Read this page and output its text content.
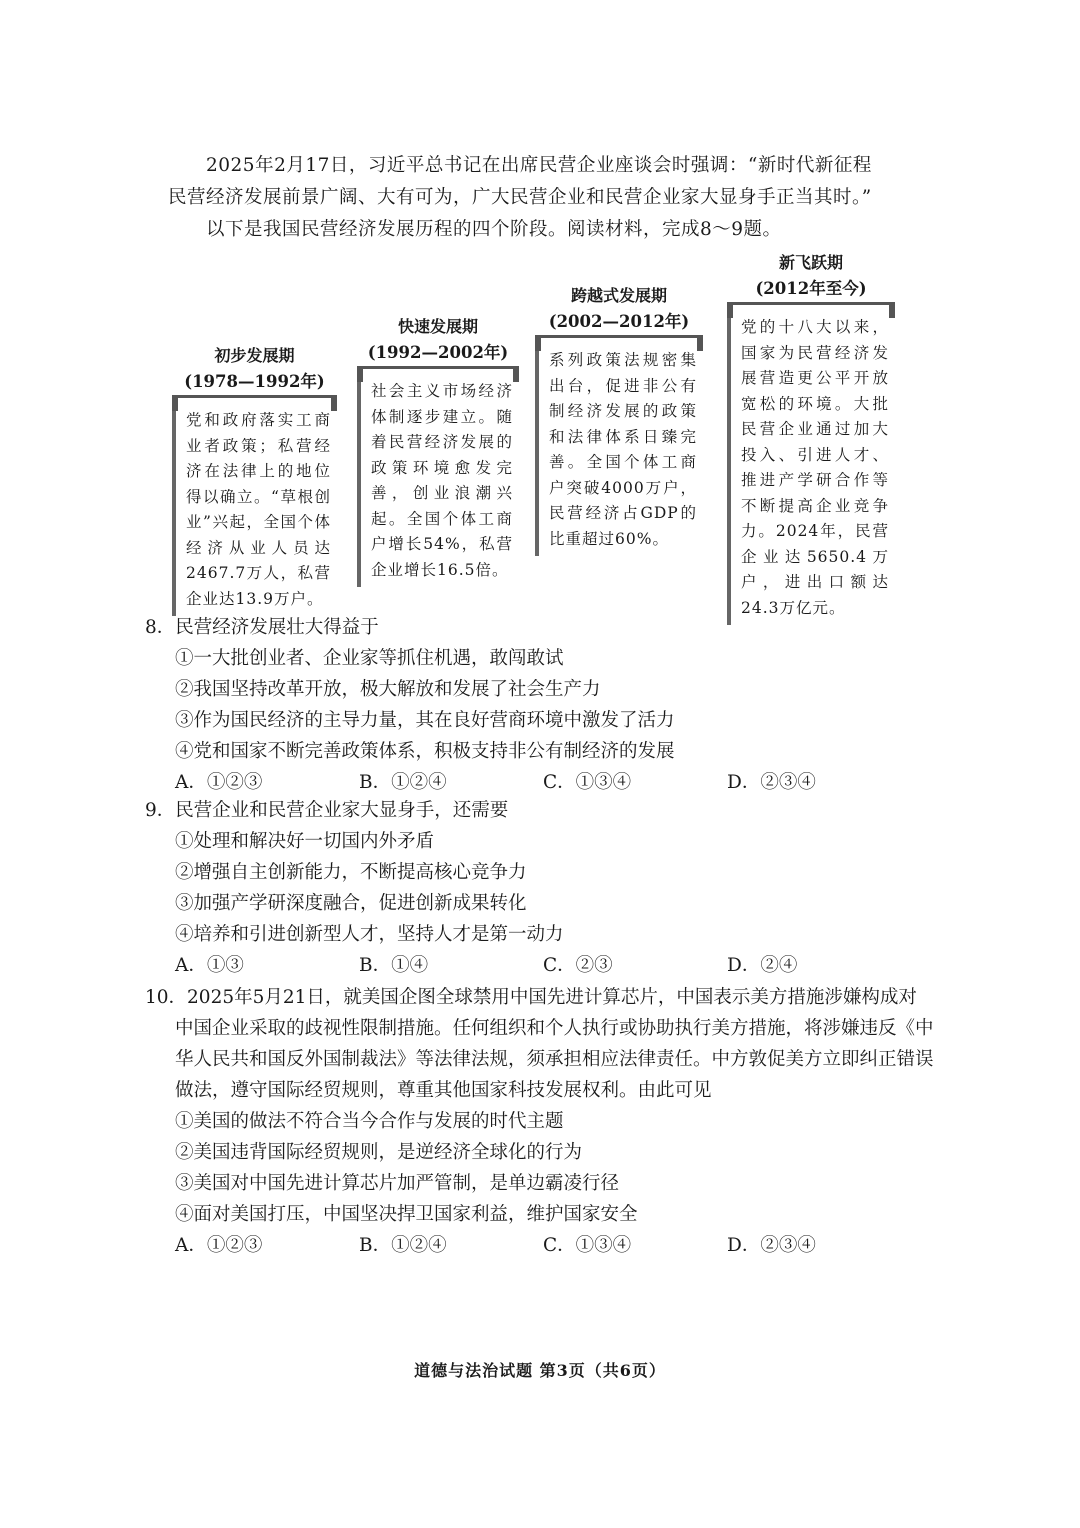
2025年2月17日，习近平总书记在出席民营企业座谈会时强调：“新时代新征程

民营经济发展前景广阔、大有可为，广大民营企业和民营企业家大显身手正当其时。”

以下是我国民营经济发展历程的四个阶段。阅读材料，完成8～9题。

初步发展期
(1978—1992年)
党和政府落实工商业者政策；私营经济在法律上的地位得以确立。“草根创业”兴起，全国个体经济从业人员达2467.7万人，私营企业达13.9万户。
快速发展期
(1992—2002年)
社会主义市场经济体制逐步建立。随着民营经济发展的政策环境愈发完善，创业浪潮兴起。全国个体工商户增长54%，私营企业增长16.5倍。
跨越式发展期
(2002—2012年)
系列政策法规密集出台，促进非公有制经济发展的政策和法律体系日臻完善。全国个体工商户突破4000万户，民营经济占GDP的比重超过60%。
新飞跃期
(2012年至今)
党的十八大以来，国家为民营经济发展营造更公平开放宽松的环境。大批民营企业通过加大投入、引进人才、推进产学研合作等不断提高企业竞争力。2024年，民营企业达5650.4万户，进出口额达24.3万亿元。

8．民营经济发展壮大得益于

①一大批创业者、企业家等抓住机遇，敢闯敢试

②我国坚持改革开放，极大解放和发展了社会生产力

③作为国民经济的主导力量，其在良好营商环境中激发了活力

④党和国家不断完善政策体系，积极支持非公有制经济的发展

A．①②③	B．①②④	C．①③④	D．②③④

9．民营企业和民营企业家大显身手，还需要

①处理和解决好一切国内外矛盾

②增强自主创新能力，不断提高核心竞争力

③加强产学研深度融合，促进创新成果转化

④培养和引进创新型人才，坚持人才是第一动力

A．①③	B．①④	C．②③	D．②④

10．2025年5月21日，就美国企图全球禁用中国先进计算芯片，中国表示美方措施涉嫌构成对中国企业采取的歧视性限制措施。任何组织和个人执行或协助执行美方措施，将涉嫌违反《中华人民共和国反外国制裁法》等法律法规，须承担相应法律责任。中方敦促美方立即纠正错误做法，遵守国际经贸规则，尊重其他国家科技发展权利。由此可见

①美国的做法不符合当今合作与发展的时代主题

②美国违背国际经贸规则，是逆经济全球化的行为

③美国对中国先进计算芯片加严管制，是单边霸凌行径

④面对美国打压，中国坚决捍卫国家利益，维护国家安全

A．①②③	B．①②④	C．①③④	D．②③④
道德与法治试题 第3页（共6页）
